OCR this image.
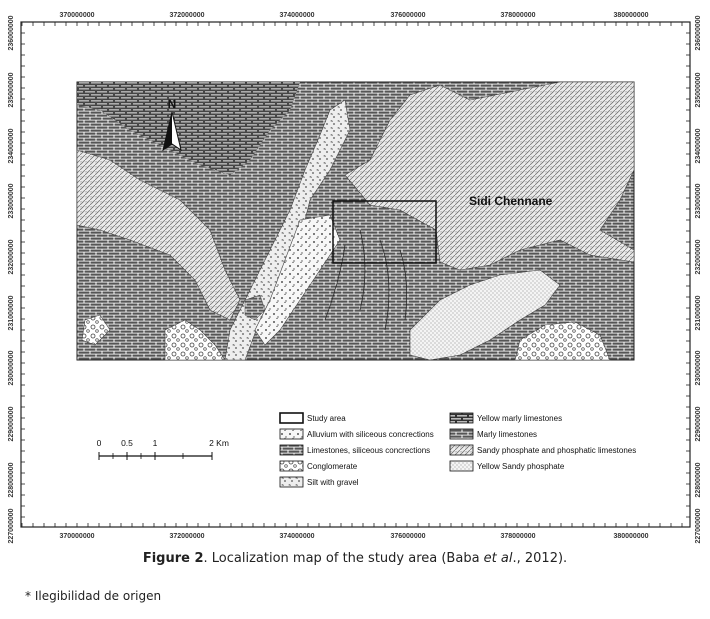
370000000
370000000
372000000
372000000
374000000
374000000
376000000
376000000
378000000
378000000
380000000
380000000
236000000	236000000
235000000	235000000
234000000	234000000
233000000	233000000
232000000	232000000
231000000	231000000
230000000	230000000
229000000	229000000
228000000	228000000
227000000	227000000
N
Sidi Chennane
0 0.5 1	2 Km
Study area
Alluvium with siliceous concrections
Limestones, siliceous concrections
Conglomerate
Silt with gravel
Yellow marly limestones
Marly limestones
Sandy phosphate and phosphatic limestones
Yellow Sandy phosphate
Figure 2. Localization map of the study area (Baba et al., 2012).
* Ilegibilidad de origen
